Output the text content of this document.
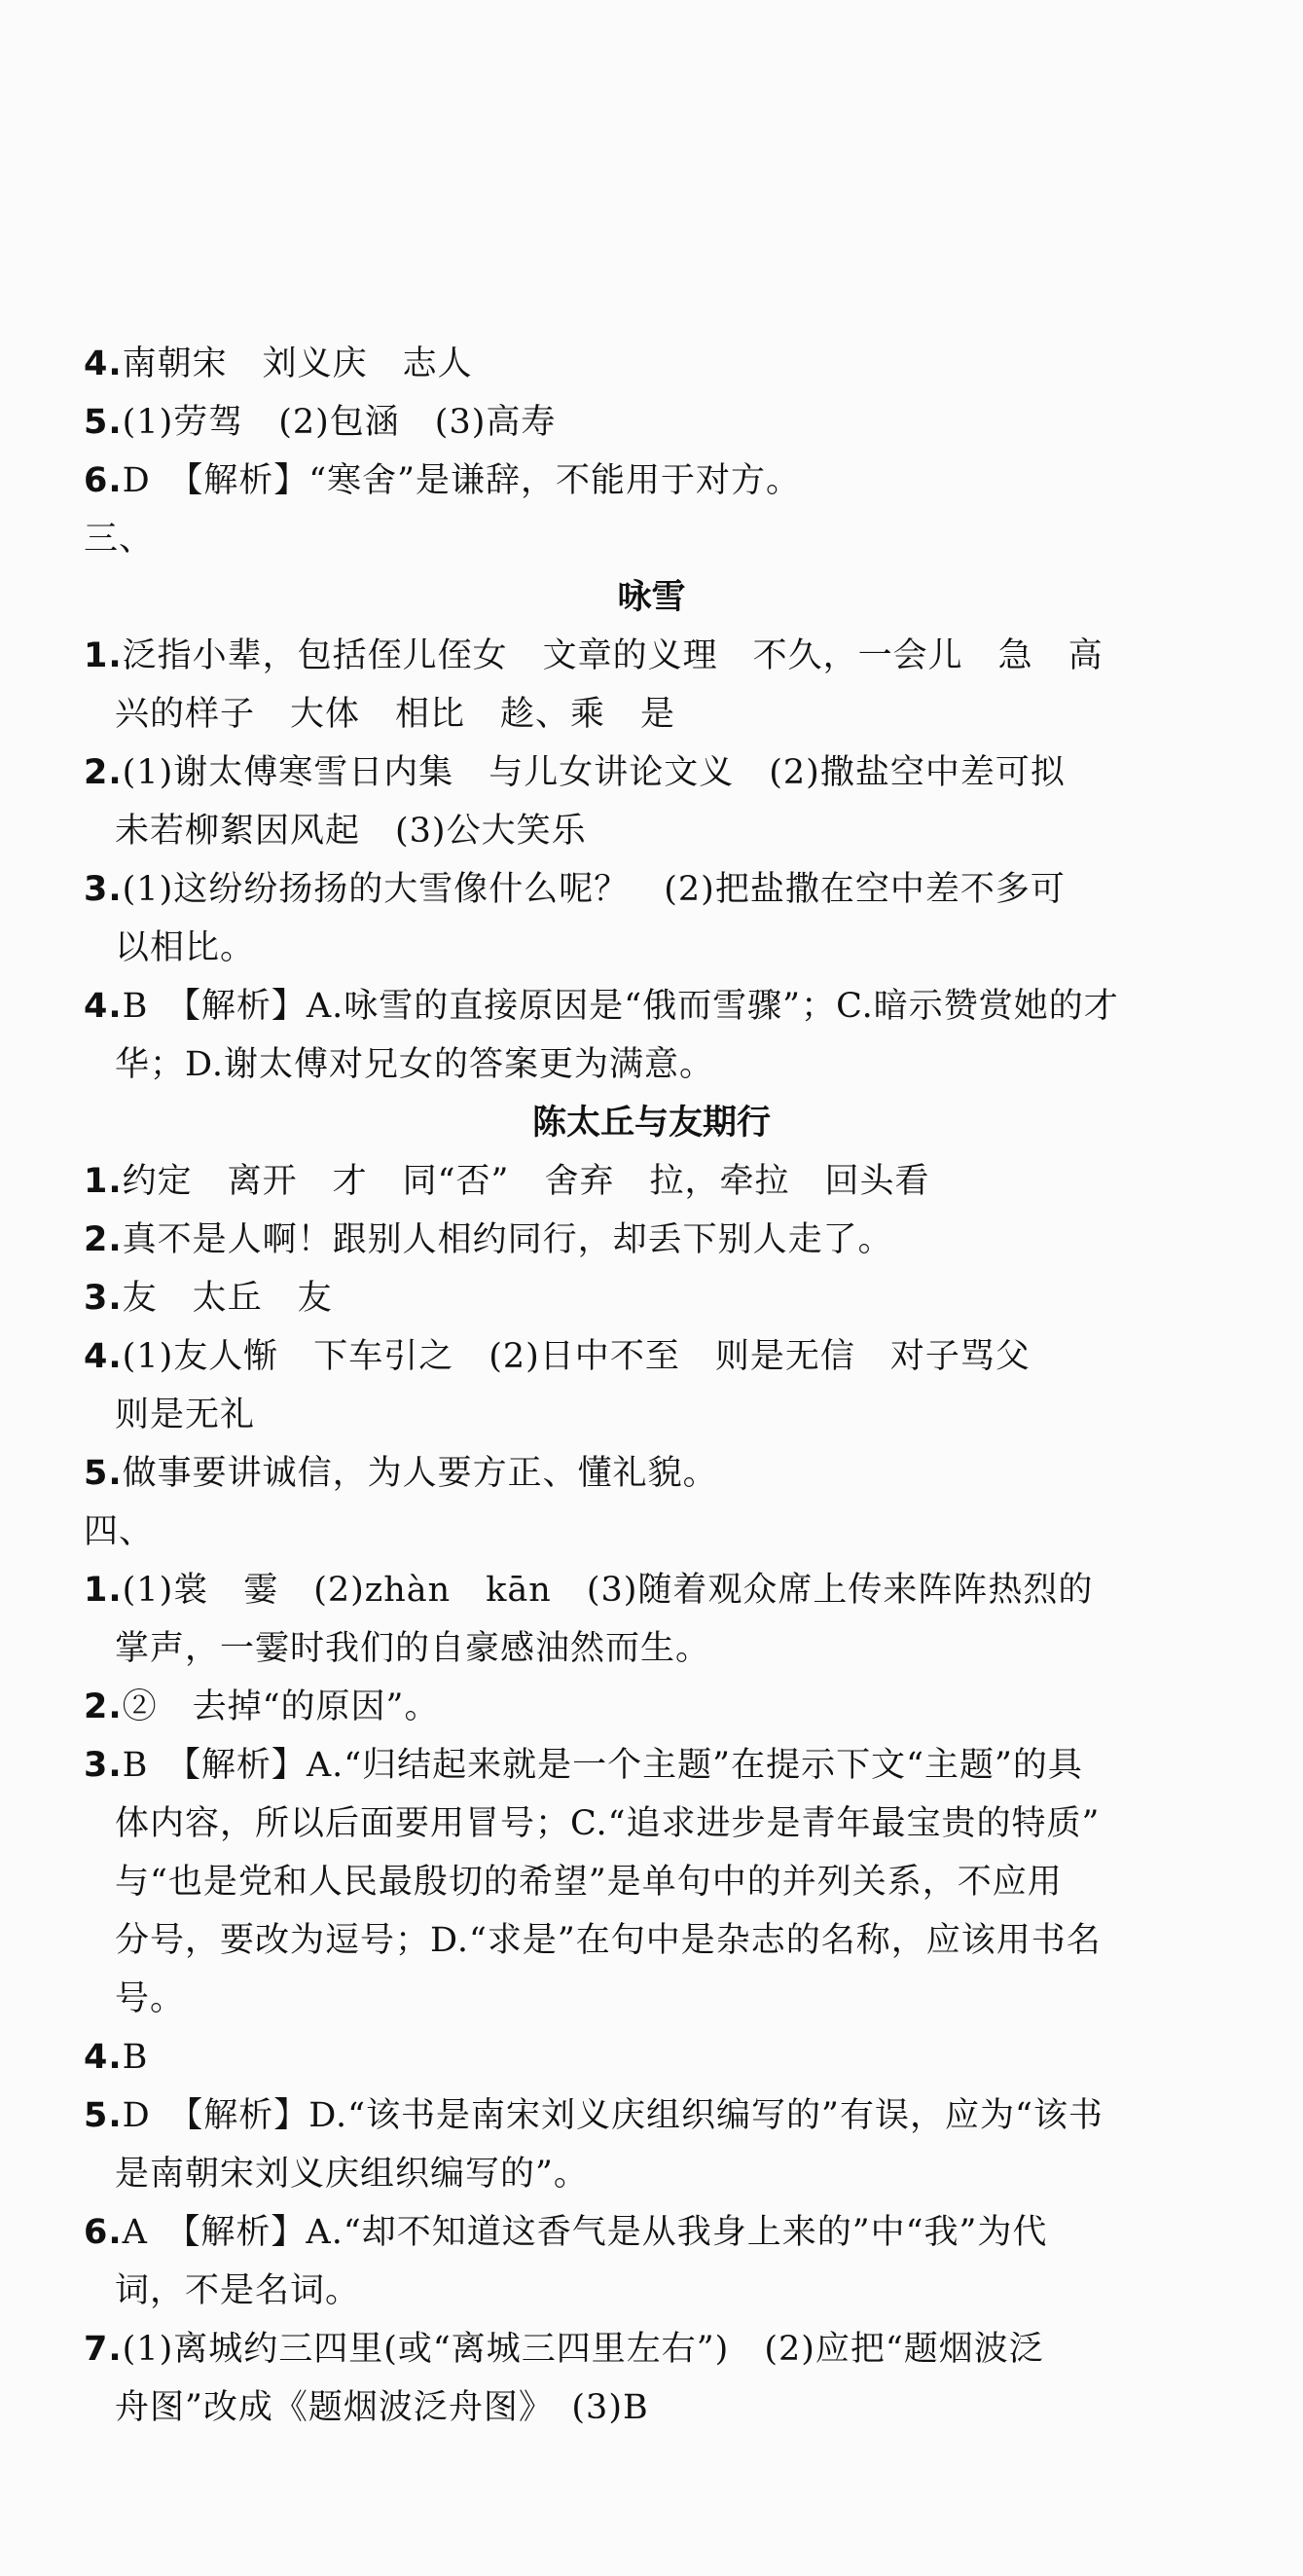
4.南朝宋　刘义庆　志人
5.(1)劳驾　(2)包涵　(3)高寿
6.D　【解析】“寒舍”是谦辞，不能用于对方。
三、
咏雪
1.泛指小辈，包括侄儿侄女　文章的义理　不久，一会儿　急　高
兴的样子　大体　相比　趁、乘　是
2.(1)谢太傅寒雪日内集　与儿女讲论文义　(2)撒盐空中差可拟
未若柳絮因风起　(3)公大笑乐
3.(1)这纷纷扬扬的大雪像什么呢？　(2)把盐撒在空中差不多可
以相比。
4.B　【解析】A.咏雪的直接原因是“俄而雪骤”；C.暗示赞赏她的才
华；D.谢太傅对兄女的答案更为满意。
陈太丘与友期行
1.约定　离开　才　同“否”　舍弃　拉，牵拉　回头看
2.真不是人啊！跟别人相约同行，却丢下别人走了。
3.友　太丘　友
4.(1)友人惭　下车引之　(2)日中不至　则是无信　对子骂父
则是无礼
5.做事要讲诚信，为人要方正、懂礼貌。
四、
1.(1)裳　霎　(2)zhàn　kān　(3)随着观众席上传来阵阵热烈的
掌声，一霎时我们的自豪感油然而生。
2.②　去掉“的原因”。
3.B　【解析】A.“归结起来就是一个主题”在提示下文“主题”的具
体内容，所以后面要用冒号；C.“追求进步是青年最宝贵的特质”
与“也是党和人民最殷切的希望”是单句中的并列关系，不应用
分号，要改为逗号；D.“求是”在句中是杂志的名称，应该用书名
号。
4.B
5.D　【解析】D.“该书是南宋刘义庆组织编写的”有误，应为“该书
是南朝宋刘义庆组织编写的”。
6.A　【解析】A.“却不知道这香气是从我身上来的”中“我”为代
词，不是名词。
7.(1)离城约三四里(或“离城三四里左右”)　(2)应把“题烟波泛
舟图”改成《题烟波泛舟图》　(3)B
